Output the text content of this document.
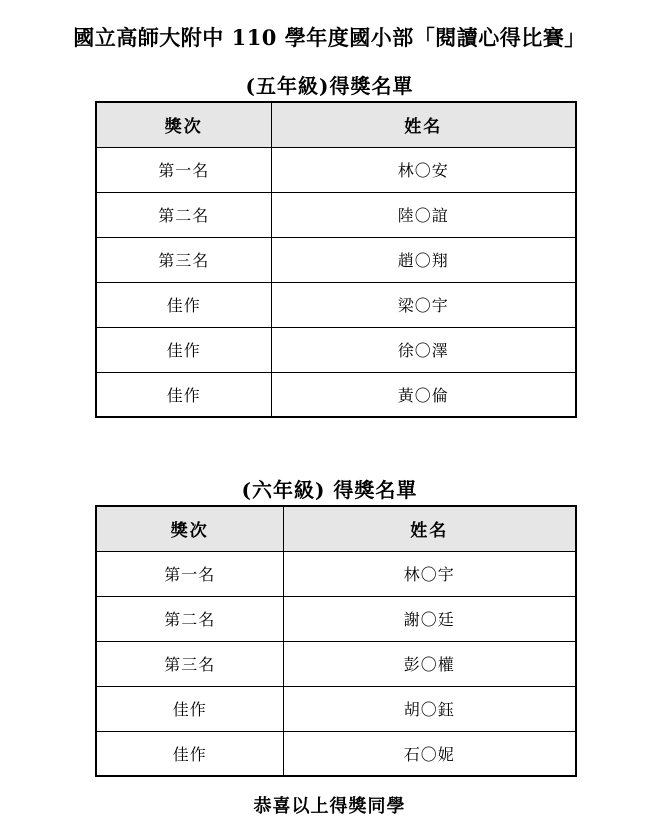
國立高師大附中 110 學年度國小部「閱讀心得比賽」
(五年級)得獎名單
獎次	姓名
第一名	林〇安
第二名	陸〇誼
第三名	趙〇翔
佳作	梁〇宇
佳作	徐〇澤
佳作	黃〇倫
(六年級) 得獎名單
獎次	姓名
第一名	林〇宇
第二名	謝〇廷
第三名	彭〇權
佳作	胡〇鈺
佳作	石〇妮
恭喜以上得獎同學
